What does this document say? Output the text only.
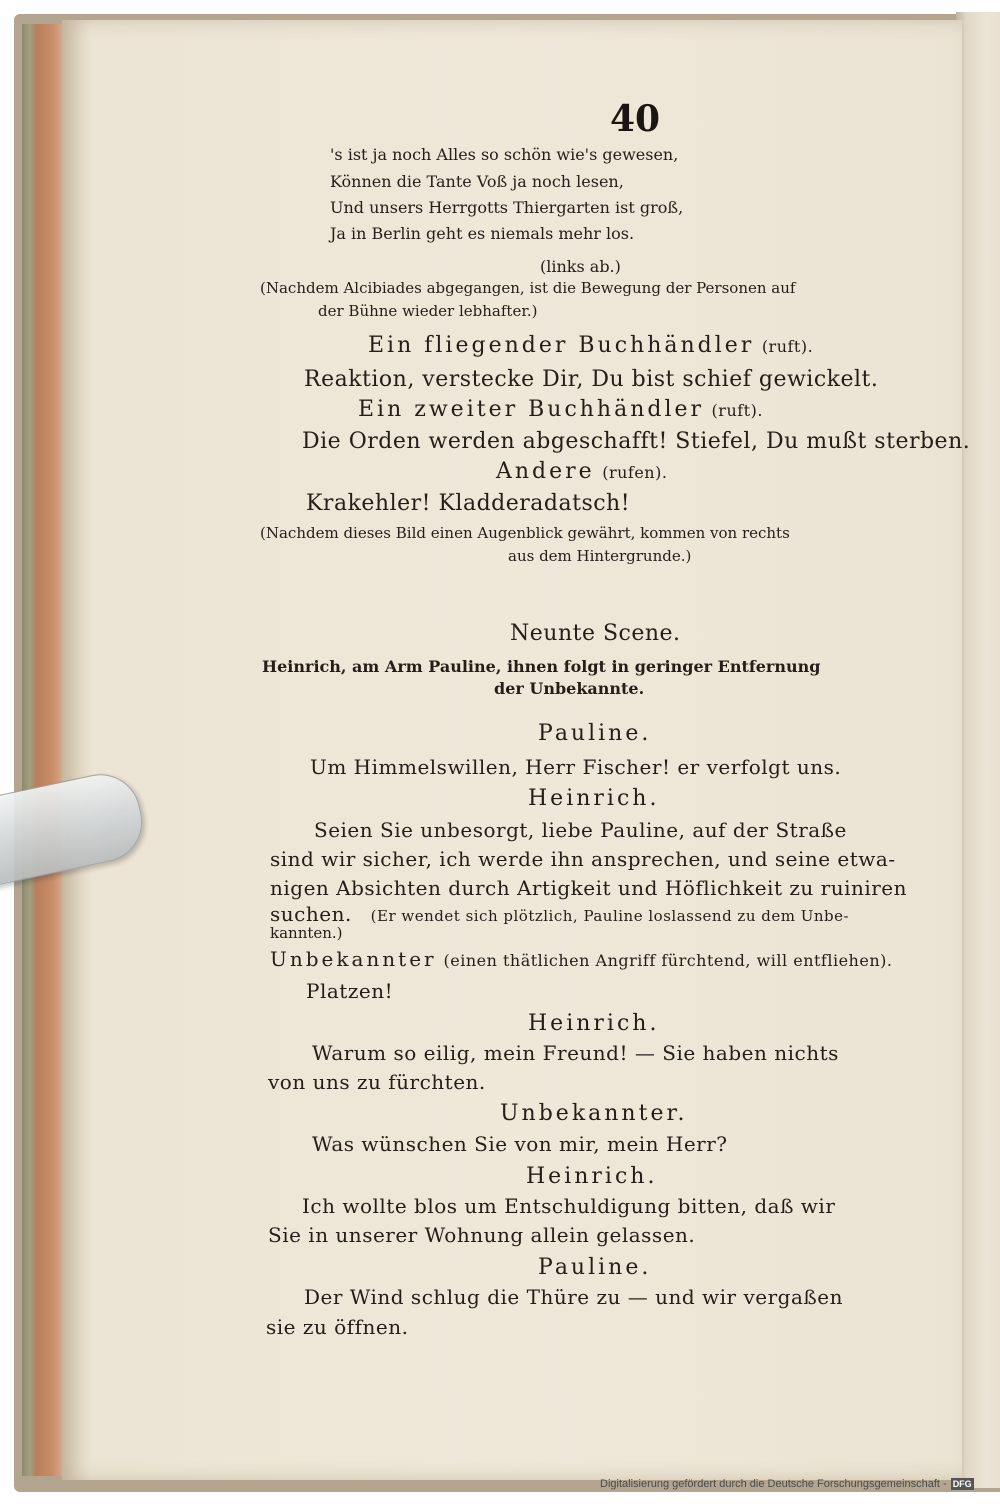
40
's ist ja noch Alles so schön wie's gewesen,
Können die Tante Voß ja noch lesen,
Und unsers Herrgotts Thiergarten ist groß,
Ja in Berlin geht es niemals mehr los.
(links ab.)
(Nachdem Alcibiades abgegangen, ist die Bewegung der Personen auf
der Bühne wieder lebhafter.)
Ein fliegender Buchhändler (ruft).
Reaktion, verstecke Dir, Du bist schief gewickelt.
Ein zweiter Buchhändler (ruft).
Die Orden werden abgeschafft! Stiefel, Du mußt sterben.
Andere (rufen).
Krakehler! Kladderadatsch!
(Nachdem dieses Bild einen Augenblick gewährt, kommen von rechts
aus dem Hintergrunde.)
Neunte Scene.
Heinrich, am Arm Pauline, ihnen folgt in geringer Entfernung
der Unbekannte.
Pauline.
Um Himmelswillen, Herr Fischer! er verfolgt uns.
Heinrich.
Seien Sie unbesorgt, liebe Pauline, auf der Straße
sind wir sicher, ich werde ihn ansprechen, und seine etwa-
nigen Absichten durch Artigkeit und Höflichkeit zu ruiniren
suchen. (Er wendet sich plötzlich, Pauline loslassend zu dem Unbe-
kannten.)
Unbekannter (einen thätlichen Angriff fürchtend, will entfliehen).
Platzen!
Heinrich.
Warum so eilig, mein Freund! — Sie haben nichts
von uns zu fürchten.
Unbekannter.
Was wünschen Sie von mir, mein Herr?
Heinrich.
Ich wollte blos um Entschuldigung bitten, daß wir
Sie in unserer Wohnung allein gelassen.
Pauline.
Der Wind schlug die Thüre zu — und wir vergaßen
sie zu öffnen.
Digitalisierung gefördert durch die Deutsche Forschungsgemeinschaft - DFG
